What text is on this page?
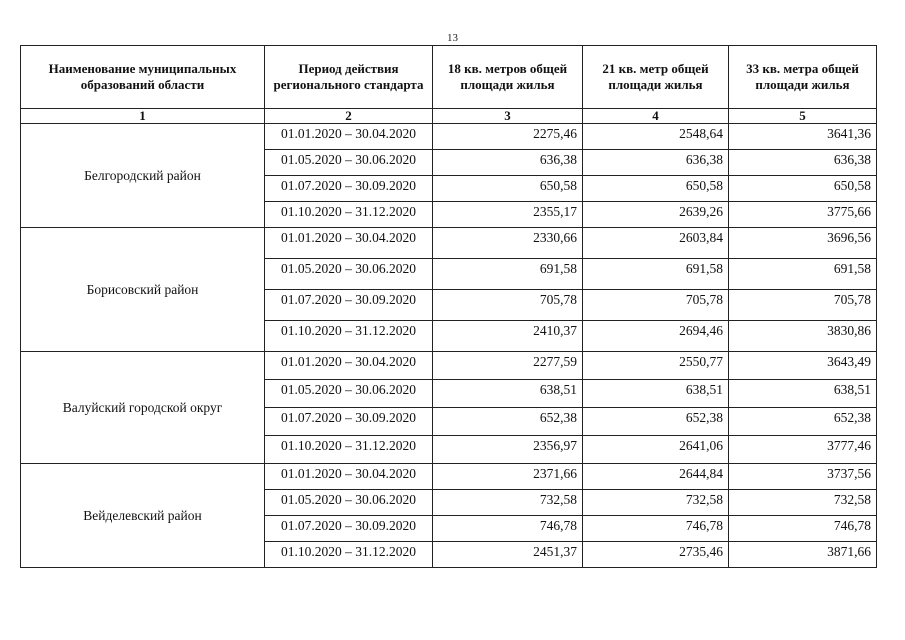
13
Наименование муниципальных образований области	Период действия регионального стандарта	18 кв. метров общей площади жилья	21 кв. метр общей площади жилья	33 кв. метра общей площади жилья
1	2	3	4	5
Белгородский район	01.01.2020 – 30.04.2020	2275,46	2548,64	3641,36
	01.05.2020 – 30.06.2020	636,38	636,38	636,38
	01.07.2020 – 30.09.2020	650,58	650,58	650,58
	01.10.2020 – 31.12.2020	2355,17	2639,26	3775,66
Борисовский район	01.01.2020 – 30.04.2020	2330,66	2603,84	3696,56
	01.05.2020 – 30.06.2020	691,58	691,58	691,58
	01.07.2020 – 30.09.2020	705,78	705,78	705,78
	01.10.2020 – 31.12.2020	2410,37	2694,46	3830,86
Валуйский городской округ	01.01.2020 – 30.04.2020	2277,59	2550,77	3643,49
	01.05.2020 – 30.06.2020	638,51	638,51	638,51
	01.07.2020 – 30.09.2020	652,38	652,38	652,38
	01.10.2020 – 31.12.2020	2356,97	2641,06	3777,46
Вейделевский район	01.01.2020 – 30.04.2020	2371,66	2644,84	3737,56
	01.05.2020 – 30.06.2020	732,58	732,58	732,58
	01.07.2020 – 30.09.2020	746,78	746,78	746,78
	01.10.2020 – 31.12.2020	2451,37	2735,46	3871,66
